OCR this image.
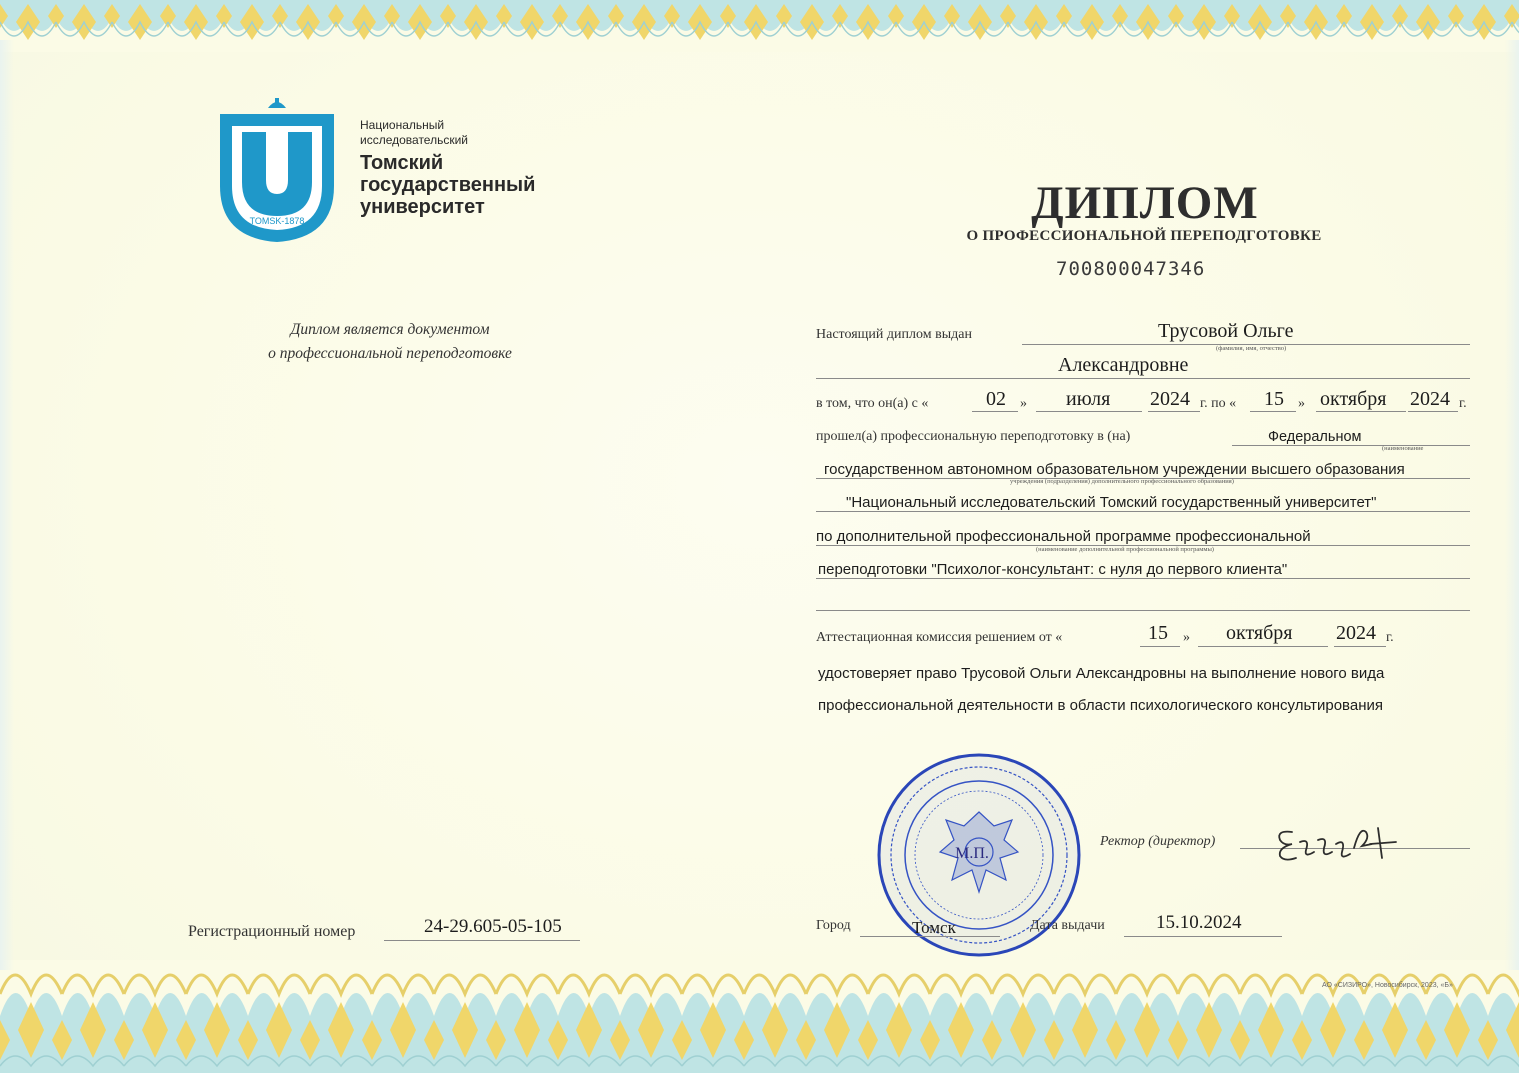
TOMSK-1878
Национальный
исследовательский
Томский
государственный
университет
Диплом является документом
о профессиональной переподготовке
Регистрационный номер	24-29.605-05-105
ДИПЛОМ
О ПРОФЕССИОНАЛЬНОЙ ПЕРЕПОДГОТОВКЕ
700800047346
Настоящий диплом выдан	Трусовой Ольге
(фамилия, имя, отчество)
Александровне
в том, что он(а) с «	02 » июля 2024 г. по « 15 » октября 2024 г.
прошел(а) профессиональную переподготовку в (на)	Федеральном
(наименование
государственном автономном образовательном учреждении высшего образования
учреждения (подразделения) дополнительного профессионального образования)
"Национальный исследовательский Томский государственный университет"
по дополнительной профессиональной программе профессиональной
(наименование дополнительной профессиональной программы)
переподготовки "Психолог-консультант: с нуля до первого клиента"
Аттестационная комиссия решением от «	15 » октября 2024 г.
удостоверяет право Трусовой Ольги Александровны на выполнение нового вида
профессиональной деятельности в области психологического консультирования
М.П.
Ректор (директор)
Город	Томск	Дата выдачи	15.10.2024
АО «СИЗИРО», Новосибирск, 2023, «Б»
